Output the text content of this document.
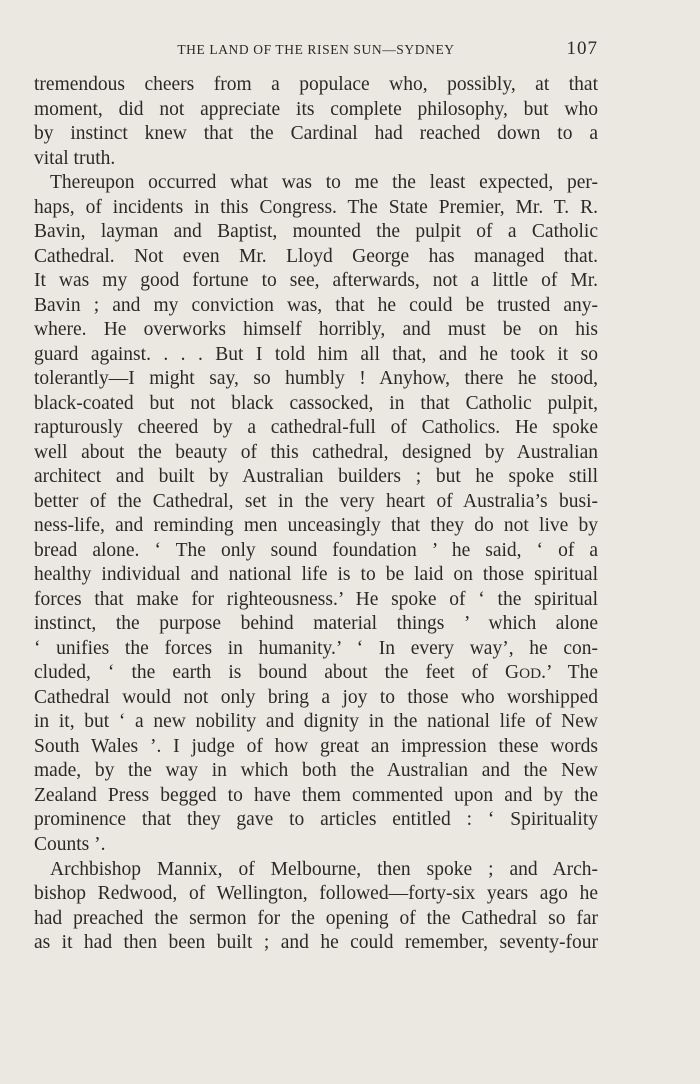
THE LAND OF THE RISEN SUN—SYDNEY	107
tremendous cheers from a populace who, possibly, at that
moment, did not appreciate its complete philosophy, but who
by instinct knew that the Cardinal had reached down to a
vital truth.
Thereupon occurred what was to me the least expected, per-
haps, of incidents in this Congress. The State Premier, Mr. T. R.
Bavin, layman and Baptist, mounted the pulpit of a Catholic
Cathedral. Not even Mr. Lloyd George has managed that.
It was my good fortune to see, afterwards, not a little of Mr.
Bavin ; and my conviction was, that he could be trusted any-
where. He overworks himself horribly, and must be on his
guard against. . . . But I told him all that, and he took it so
tolerantly—I might say, so humbly ! Anyhow, there he stood,
black-coated but not black cassocked, in that Catholic pulpit,
rapturously cheered by a cathedral-full of Catholics. He spoke
well about the beauty of this cathedral, designed by Australian
architect and built by Australian builders ; but he spoke still
better of the Cathedral, set in the very heart of Australia’s busi-
ness-life, and reminding men unceasingly that they do not live by
bread alone. ‘ The only sound foundation ’ he said, ‘ of a
healthy individual and national life is to be laid on those spiritual
forces that make for righteousness.’ He spoke of ‘ the spiritual
instinct, the purpose behind material things ’ which alone
‘ unifies the forces in humanity.’ ‘ In every way’, he con-
cluded, ‘ the earth is bound about the feet of GOD.’ The
Cathedral would not only bring a joy to those who worshipped
in it, but ‘ a new nobility and dignity in the national life of New
South Wales ’. I judge of how great an impression these words
made, by the way in which both the Australian and the New
Zealand Press begged to have them commented upon and by the
prominence that they gave to articles entitled : ‘ Spirituality
Counts ’.
Archbishop Mannix, of Melbourne, then spoke ; and Arch-
bishop Redwood, of Wellington, followed—forty-six years ago he
had preached the sermon for the opening of the Cathedral so far
as it had then been built ; and he could remember, seventy-four
